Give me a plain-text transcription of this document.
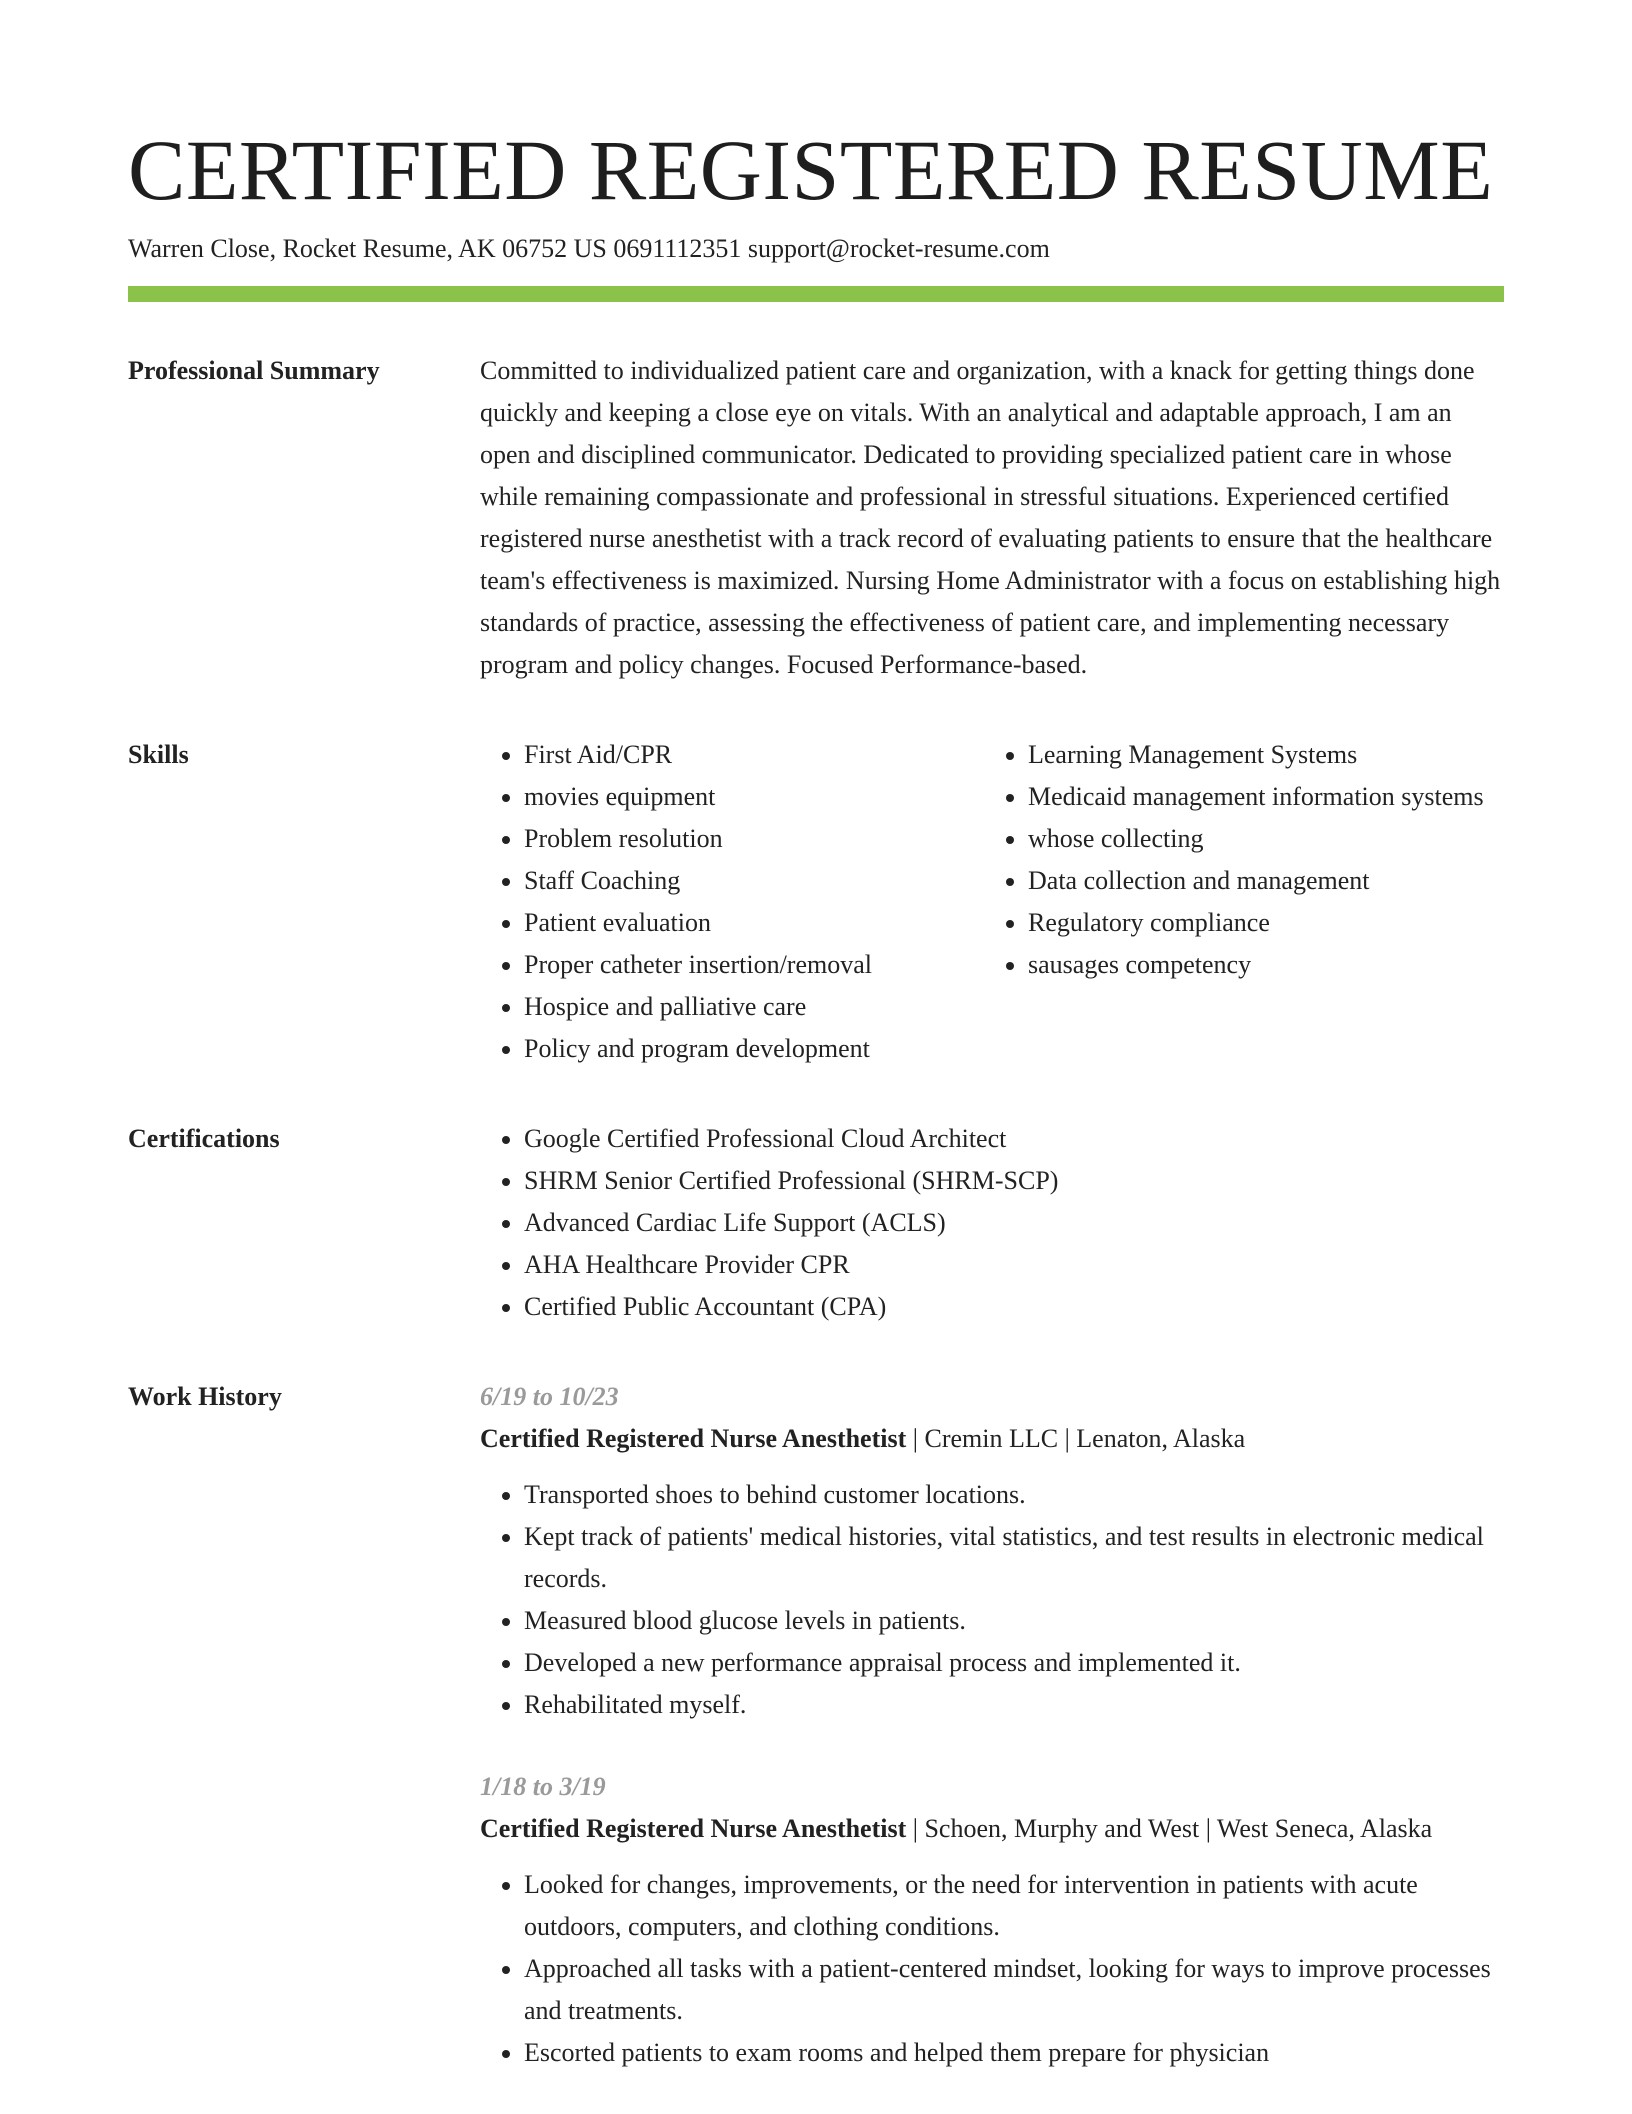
CERTIFIED REGISTERED RESUME
Warren Close, Rocket Resume, AK 06752 US 0691112351 support@rocket-resume.com
Professional Summary	Committed to individualized patient care and organization, with a knack for getting things done quickly and keeping a close eye on vitals. With an analytical and adaptable approach, I am an open and disciplined communicator. Dedicated to providing specialized patient care in whose while remaining compassionate and professional in stressful situations. Experienced certified registered nurse anesthetist with a track record of evaluating patients to ensure that the healthcare team's effectiveness is maximized. Nursing Home Administrator with a focus on establishing high standards of practice, assessing the effectiveness of patient care, and implementing necessary program and policy changes. Focused Performance-based.

Skills	• First Aid/CPR
• movies equipment
• Problem resolution
• Staff Coaching
• Patient evaluation
• Proper catheter insertion/removal
• Hospice and palliative care
• Policy and program development
• Learning Management Systems
• Medicaid management information systems
• whose collecting
• Data collection and management
• Regulatory compliance
• sausages competency
Certifications	• Google Certified Professional Cloud Architect
• SHRM Senior Certified Professional (SHRM-SCP)
• Advanced Cardiac Life Support (ACLS)
• AHA Healthcare Provider CPR
• Certified Public Accountant (CPA)
Work History	6/19 to 10/23
Certified Registered Nurse Anesthetist | Cremin LLC | Lenaton, Alaska
• Transported shoes to behind customer locations.
• Kept track of patients' medical histories, vital statistics, and test results in electronic medical records.
• Measured blood glucose levels in patients.
• Developed a new performance appraisal process and implemented it.
• Rehabilitated myself.
1/18 to 3/19
Certified Registered Nurse Anesthetist | Schoen, Murphy and West | West Seneca, Alaska
• Looked for changes, improvements, or the need for intervention in patients with acute outdoors, computers, and clothing conditions.
• Approached all tasks with a patient-centered mindset, looking for ways to improve processes and treatments.
• Escorted patients to exam rooms and helped them prepare for physician
